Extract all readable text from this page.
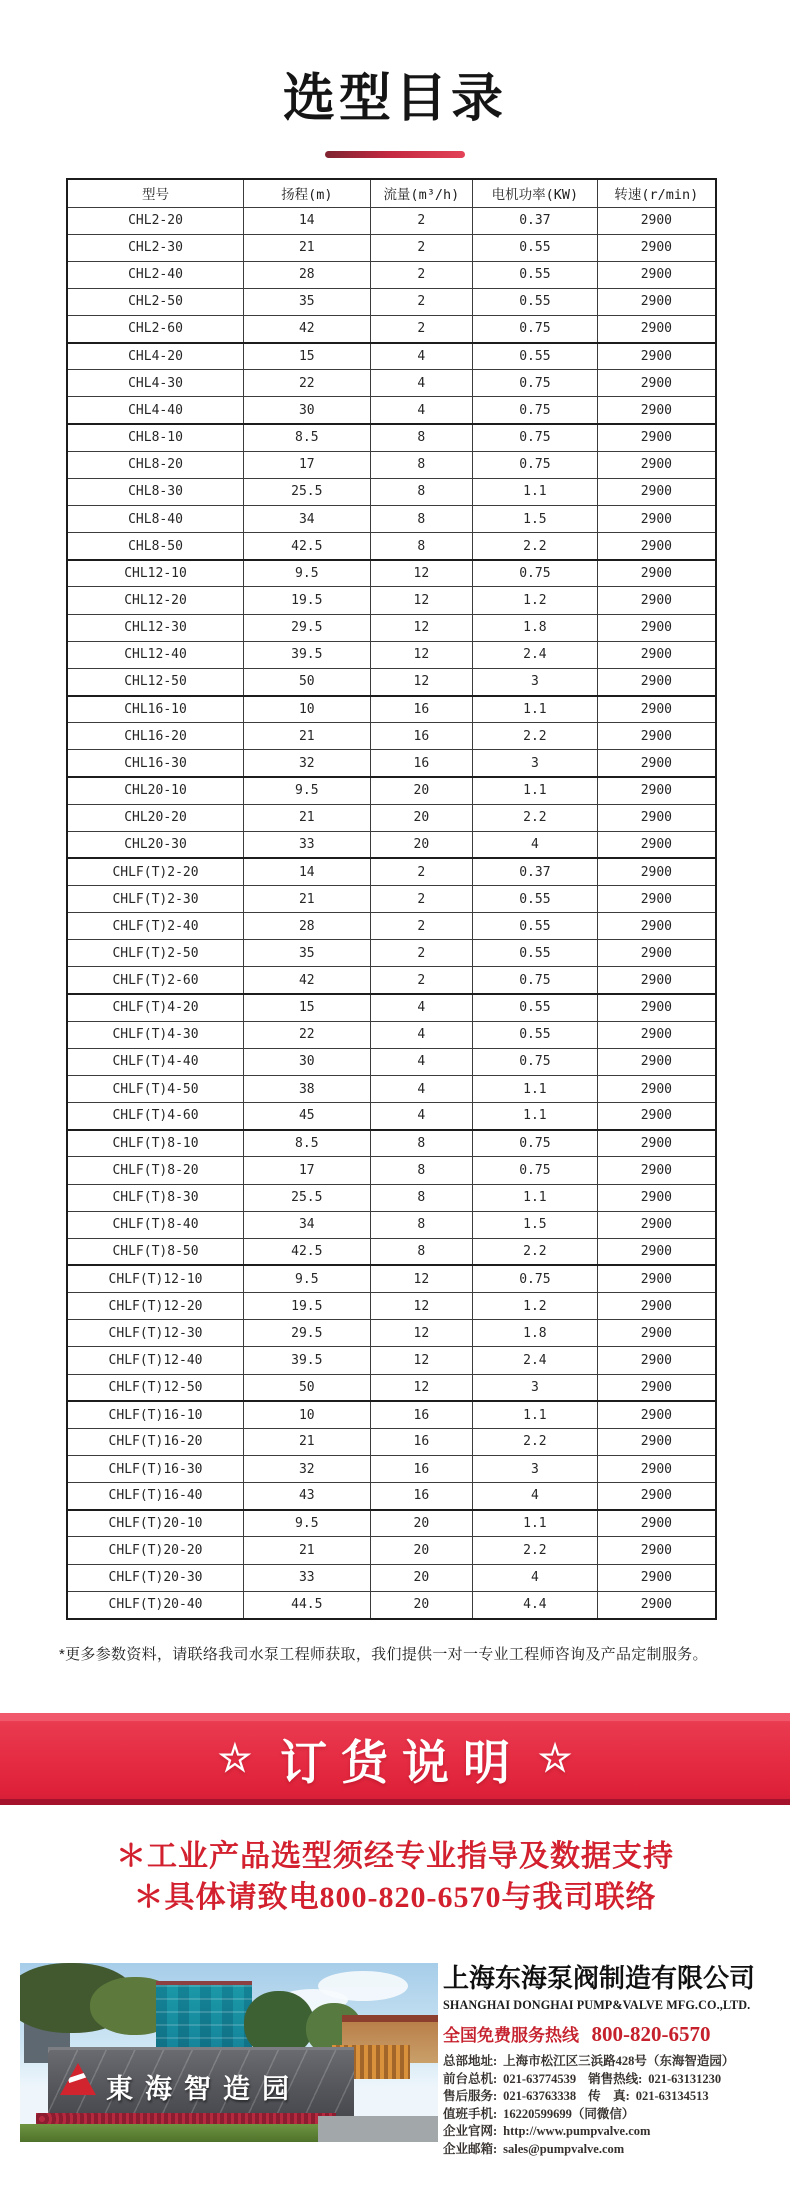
选型目录
型号	扬程(m)	流量(m³/h)	电机功率(KW)	转速(r/min)
CHL2-20	14	2	0.37	2900
CHL2-30	21	2	0.55	2900
CHL2-40	28	2	0.55	2900
CHL2-50	35	2	0.55	2900
CHL2-60	42	2	0.75	2900
CHL4-20	15	4	0.55	2900
CHL4-30	22	4	0.75	2900
CHL4-40	30	4	0.75	2900
CHL8-10	8.5	8	0.75	2900
CHL8-20	17	8	0.75	2900
CHL8-30	25.5	8	1.1	2900
CHL8-40	34	8	1.5	2900
CHL8-50	42.5	8	2.2	2900
CHL12-10	9.5	12	0.75	2900
CHL12-20	19.5	12	1.2	2900
CHL12-30	29.5	12	1.8	2900
CHL12-40	39.5	12	2.4	2900
CHL12-50	50	12	3	2900
CHL16-10	10	16	1.1	2900
CHL16-20	21	16	2.2	2900
CHL16-30	32	16	3	2900
CHL20-10	9.5	20	1.1	2900
CHL20-20	21	20	2.2	2900
CHL20-30	33	20	4	2900
CHLF(T)2-20	14	2	0.37	2900
CHLF(T)2-30	21	2	0.55	2900
CHLF(T)2-40	28	2	0.55	2900
CHLF(T)2-50	35	2	0.55	2900
CHLF(T)2-60	42	2	0.75	2900
CHLF(T)4-20	15	4	0.55	2900
CHLF(T)4-30	22	4	0.55	2900
CHLF(T)4-40	30	4	0.75	2900
CHLF(T)4-50	38	4	1.1	2900
CHLF(T)4-60	45	4	1.1	2900
CHLF(T)8-10	8.5	8	0.75	2900
CHLF(T)8-20	17	8	0.75	2900
CHLF(T)8-30	25.5	8	1.1	2900
CHLF(T)8-40	34	8	1.5	2900
CHLF(T)8-50	42.5	8	2.2	2900
CHLF(T)12-10	9.5	12	0.75	2900
CHLF(T)12-20	19.5	12	1.2	2900
CHLF(T)12-30	29.5	12	1.8	2900
CHLF(T)12-40	39.5	12	2.4	2900
CHLF(T)12-50	50	12	3	2900
CHLF(T)16-10	10	16	1.1	2900
CHLF(T)16-20	21	16	2.2	2900
CHLF(T)16-30	32	16	3	2900
CHLF(T)16-40	43	16	4	2900
CHLF(T)20-10	9.5	20	1.1	2900
CHLF(T)20-20	21	20	2.2	2900
CHLF(T)20-30	33	20	4	2900
CHLF(T)20-40	44.5	20	4.4	2900
*更多参数资料，请联络我司水泵工程师获取，我们提供一对一专业工程师咨询及产品定制服务。
☆ 订货说明 ☆
＊工业产品选型须经专业指导及数据支持
＊具体请致电800-820-6570与我司联络
東海智造园
上海东海泵阀制造有限公司
SHANGHAI DONGHAI PUMP&VALVE MFG.CO.,LTD.
全国免费服务热线 800-820-6570
总部地址: 上海市松江区三浜路428号（东海智造园）
前台总机: 021-63774539 销售热线: 021-63131230
售后服务: 021-63763338 传　真: 021-63134513
值班手机: 16220599699（同微信）
企业官网: http://www.pumpvalve.com
企业邮箱: sales@pumpvalve.com
